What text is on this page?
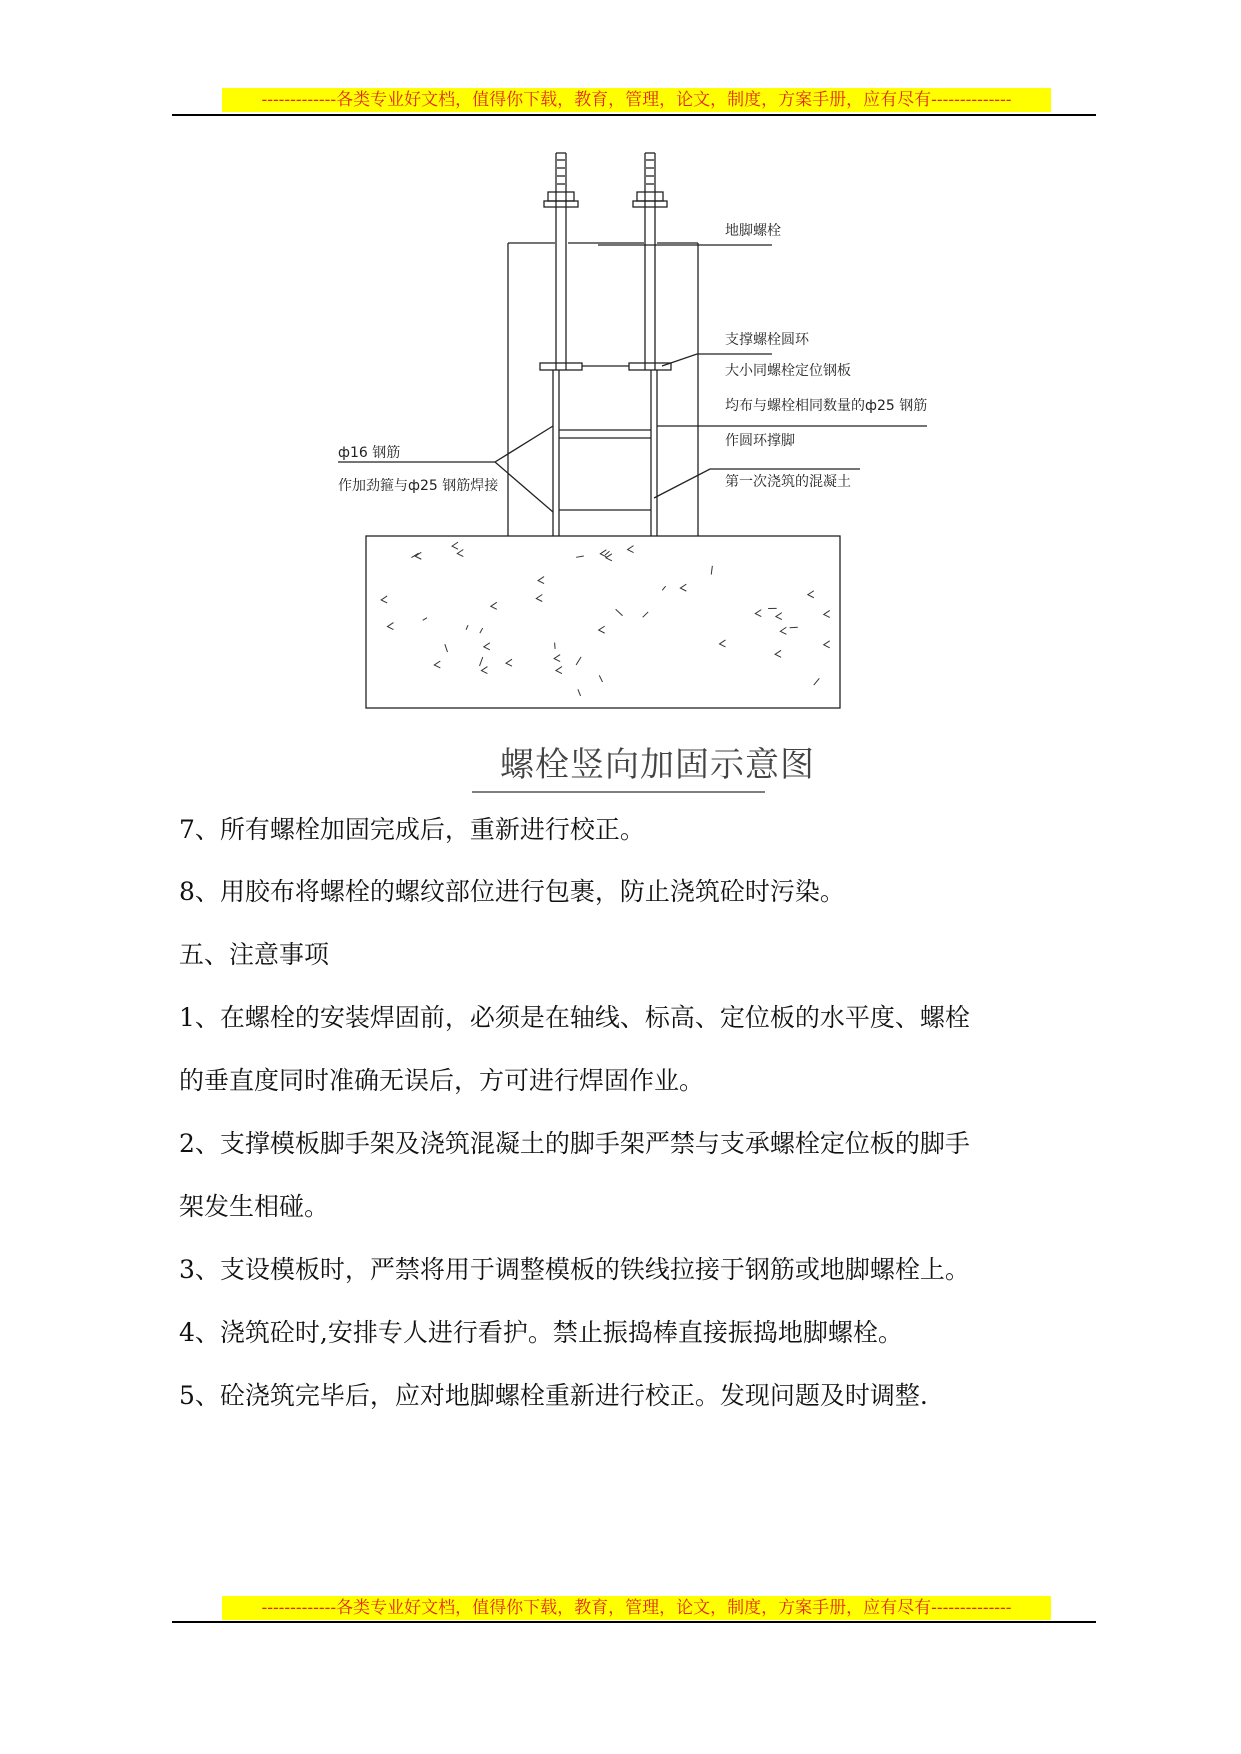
-------------各类专业好文档，值得你下载，教育，管理，论文，制度，方案手册，应有尽有--------------
地脚螺栓
支撑螺栓圆环
大小同螺栓定位钢板
均布与螺栓相同数量的ф25 钢筋
作圆环撑脚
第一次浇筑的混凝土
ф16 钢筋
作加劲箍与ф25 钢筋焊接
螺栓竖向加固示意图

7、所有螺栓加固完成后，重新进行校正。

8、用胶布将螺栓的螺纹部位进行包裹，防止浇筑砼时污染。

五、注意事项

1、在螺栓的安装焊固前，必须是在轴线、标高、定位板的水平度、螺栓

的垂直度同时准确无误后，方可进行焊固作业。

2、支撑模板脚手架及浇筑混凝土的脚手架严禁与支承螺栓定位板的脚手

架发生相碰。

3、支设模板时，严禁将用于调整模板的铁线拉接于钢筋或地脚螺栓上。

4、浇筑砼时,安排专人进行看护。禁止振捣棒直接振捣地脚螺栓。

5、砼浇筑完毕后，应对地脚螺栓重新进行校正。发现问题及时调整.

-------------各类专业好文档，值得你下载，教育，管理，论文，制度，方案手册，应有尽有--------------
